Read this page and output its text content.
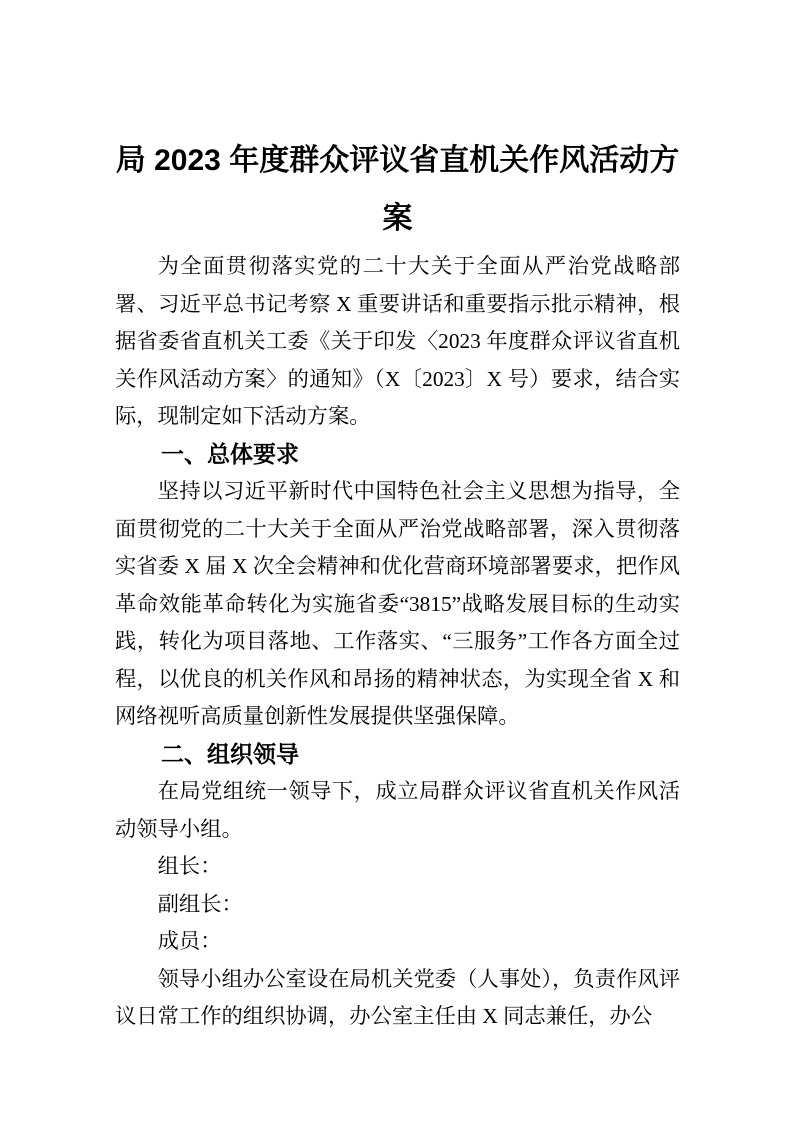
局 2023 年度群众评议省直机关作风活动方
案

为全面贯彻落实党的二十大关于全面从严治党战略部署、习近平总书记考察 X 重要讲话和重要指示批示精神，根据省委省直机关工委《关于印发〈2023 年度群众评议省直机关作风活动方案〉的通知》（X〔2023〕X 号）要求，结合实际，现制定如下活动方案。

一、总体要求

坚持以习近平新时代中国特色社会主义思想为指导，全面贯彻党的二十大关于全面从严治党战略部署，深入贯彻落实省委 X 届 X 次全会精神和优化营商环境部署要求，把作风革命效能革命转化为实施省委“3815”战略发展目标的生动实践，转化为项目落地、工作落实、“三服务”工作各方面全过程，以优良的机关作风和昂扬的精神状态，为实现全省 X 和网络视听高质量创新性发展提供坚强保障。

二、组织领导

在局党组统一领导下，成立局群众评议省直机关作风活动领导小组。

组长：

副组长：

成员：

领导小组办公室设在局机关党委（人事处），负责作风评议日常工作的组织协调，办公室主任由 X 同志兼任，办公
